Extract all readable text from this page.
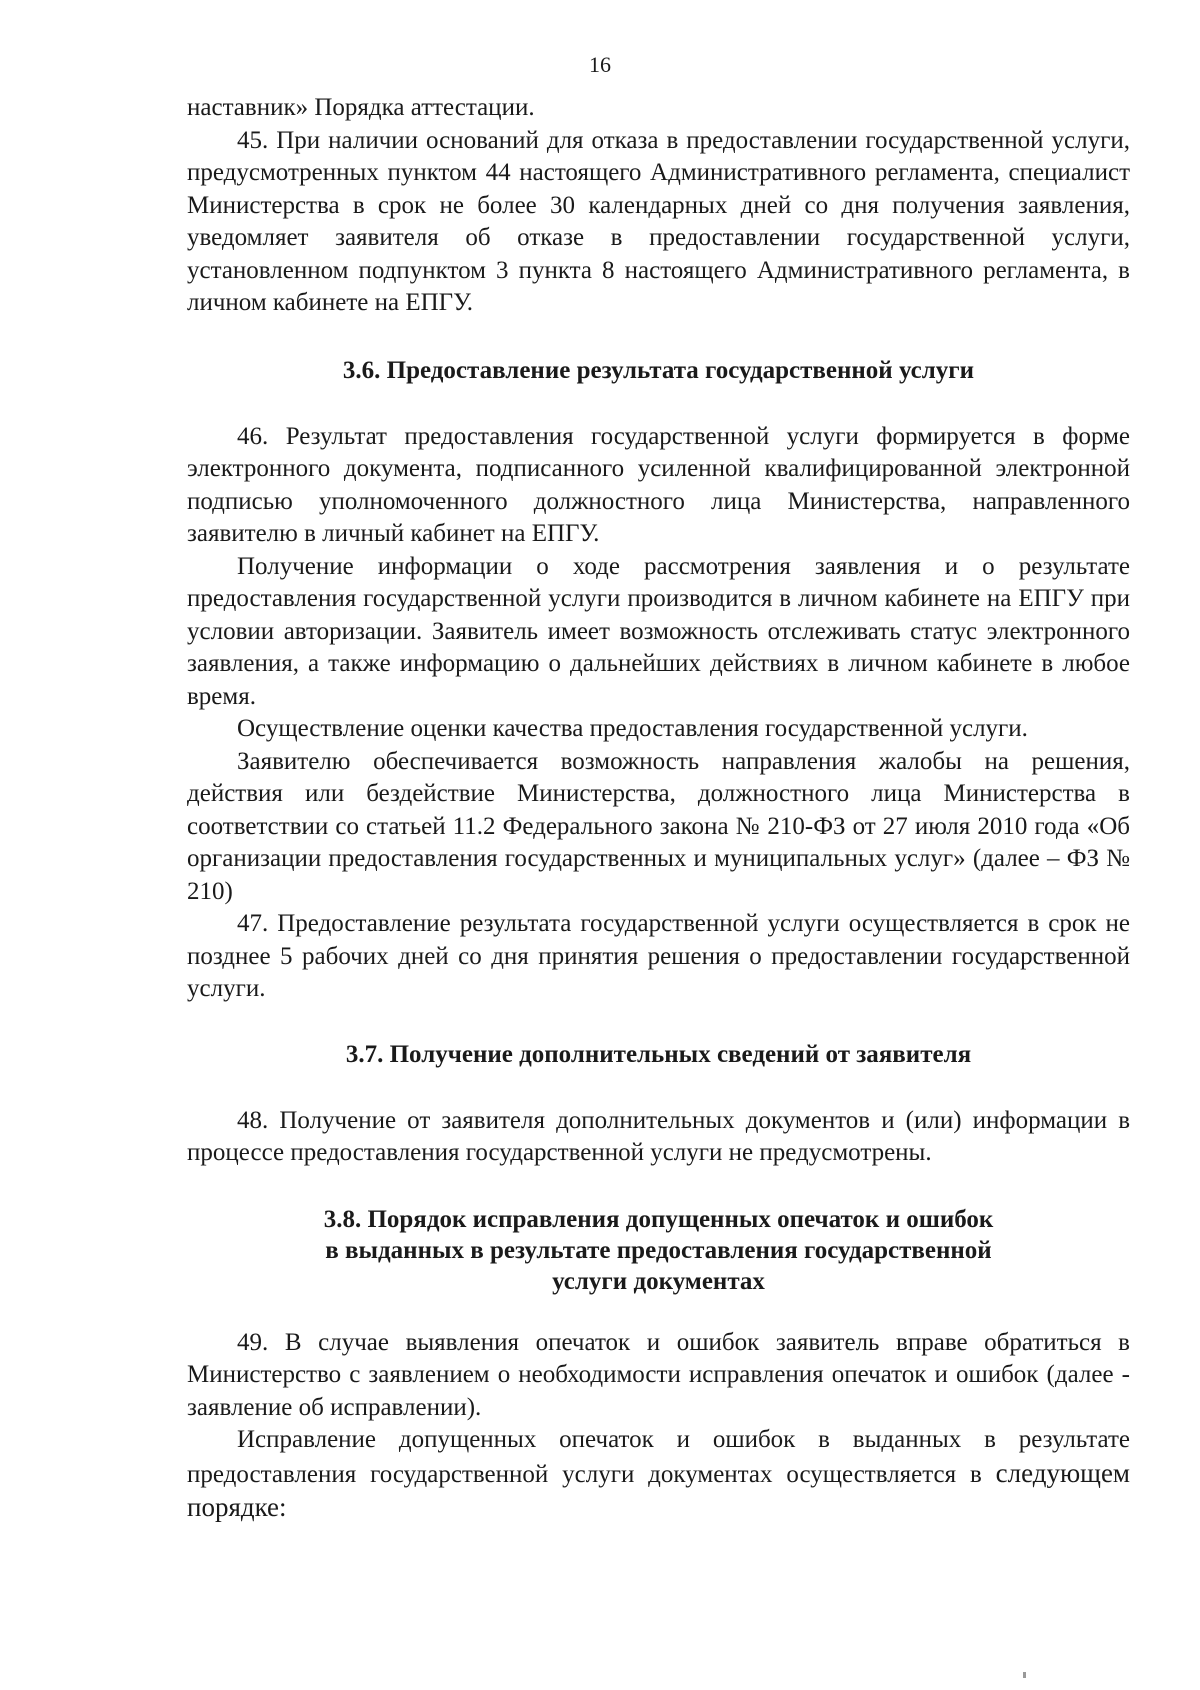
16

наставник» Порядка аттестации.

45. При наличии оснований для отказа в предоставлении государственной услуги, предусмотренных пунктом 44 настоящего Административного регламента, специалист Министерства в срок не более 30 календарных дней со дня получения заявления, уведомляет заявителя об отказе в предоставлении государственной услуги, установленном подпунктом 3 пункта 8 настоящего Административного регламента, в личном кабинете на ЕПГУ.

3.6. Предоставление результата государственной услуги

46. Результат предоставления государственной услуги формируется в форме электронного документа, подписанного усиленной квалифицированной электронной подписью уполномоченного должностного лица Министерства, направленного заявителю в личный кабинет на ЕПГУ.

Получение информации о ходе рассмотрения заявления и о результате предоставления государственной услуги производится в личном кабинете на ЕПГУ при условии авторизации. Заявитель имеет возможность отслеживать статус электронного заявления, а также информацию о дальнейших действиях в личном кабинете в любое время.

Осуществление оценки качества предоставления государственной услуги.

Заявителю обеспечивается возможность направления жалобы на решения, действия или бездействие Министерства, должностного лица Министерства в соответствии со статьей 11.2 Федерального закона № 210-ФЗ от 27 июля 2010 года «Об организации предоставления государственных и муниципальных услуг» (далее – ФЗ № 210)

47. Предоставление результата государственной услуги осуществляется в срок не позднее 5 рабочих дней со дня принятия решения о предоставлении государственной услуги.

3.7. Получение дополнительных сведений от заявителя

48. Получение от заявителя дополнительных документов и (или) информации в процессе предоставления государственной услуги не предусмотрены.

3.8. Порядок исправления допущенных опечаток и ошибок
в выданных в результате предоставления государственной
услуги документах

49. В случае выявления опечаток и ошибок заявитель вправе обратиться в Министерство с заявлением о необходимости исправления опечаток и ошибок (далее - заявление об исправлении).

Исправление допущенных опечаток и ошибок в выданных в результате предоставления государственной услуги документах осуществляется в следующем порядке:
